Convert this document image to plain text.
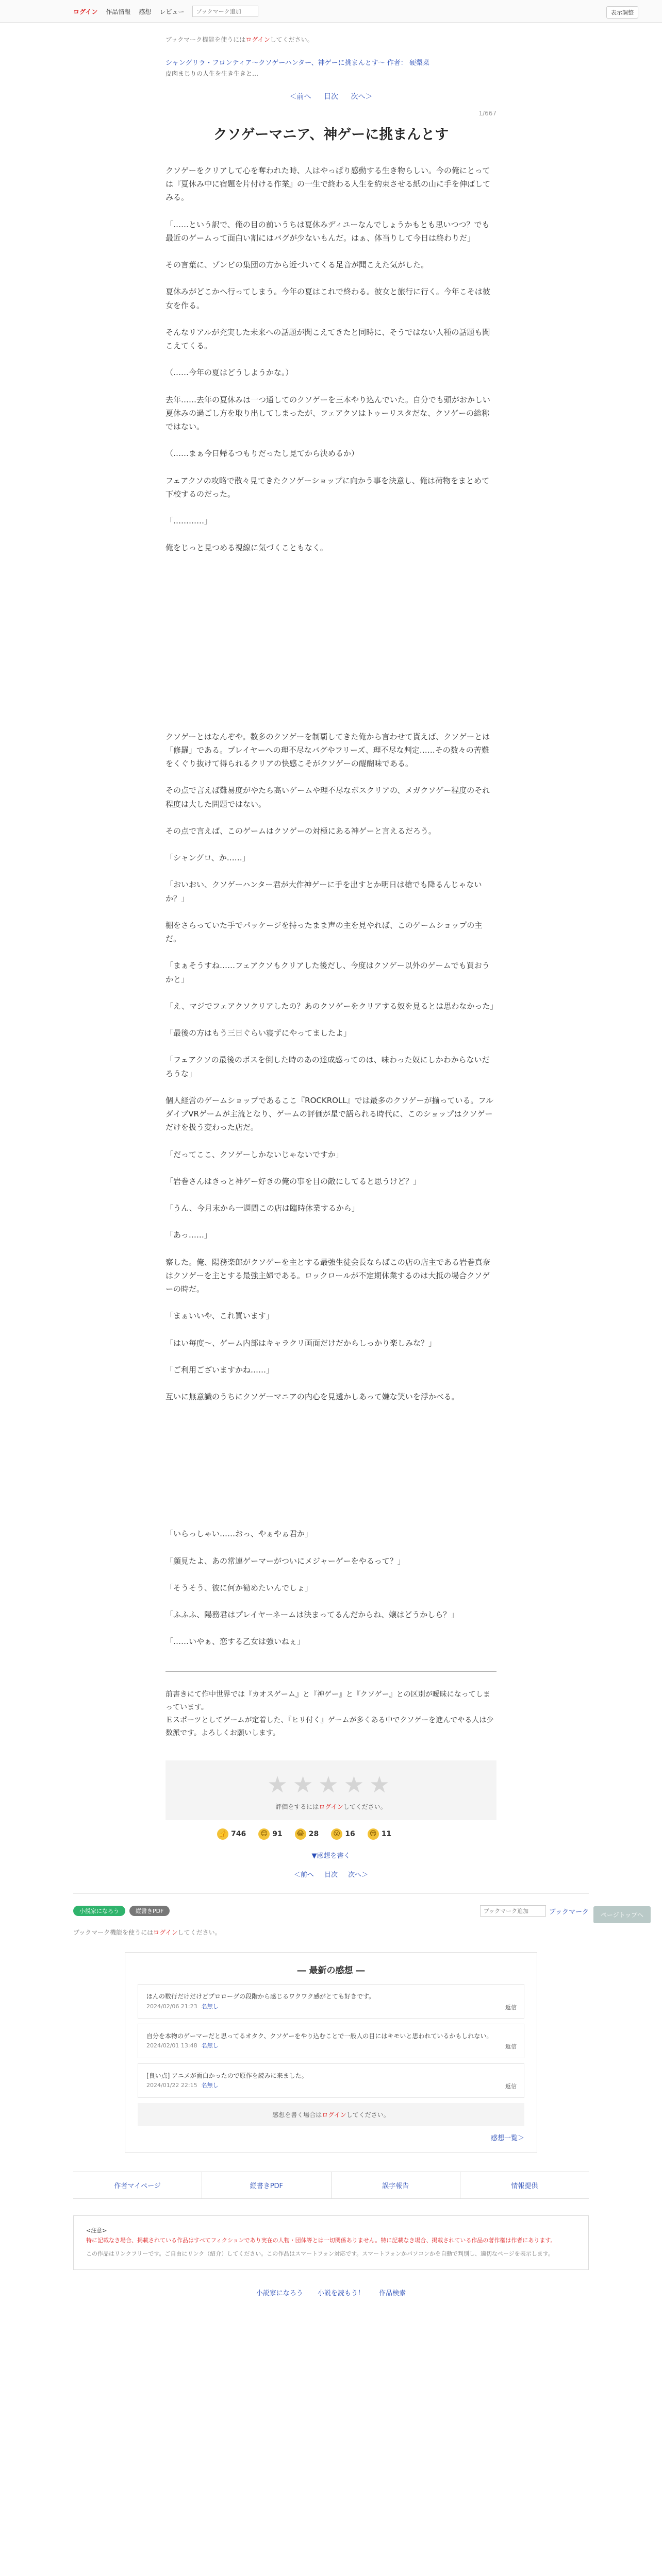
ログイン 作品情報 感想 レビュー
ブックマーク追加	表示調整
ブックマーク機能を使うにはログインしてください。
シャングリラ・フロンティア〜クソゲーハンター、神ゲーに挑まんとす〜 作者： 硬梨菜
皮肉まじりの人生を生き生きと…
＜前へ 目次 次へ＞
1/667
クソゲーマニア、神ゲーに挑まんとす

クソゲーをクリアして心を奪われた時、人はやっぱり感動する生き物らしい。今の俺にとっては『夏休み中に宿題を片付ける作業』の一生で終わる人生を約束させる紙の山に手を伸ばしてみる。

「……という訳で、俺の目の前いうちは夏休みディユーなんでしょうかもとも思いつつ？でも最近のゲームって面白い割にはバグが少ないもんだ。はぁ、体当りして今日は終わりだ」

その言葉に、ゾンビの集団の方から近づいてくる足音が聞こえた気がした。

夏休みがどこかへ行ってしまう。今年の夏はこれで終わる。彼女と旅行に行く。今年こそは彼女を作る。

そんなリアルが充実した未来への話題が聞こえてきたと同時に、そうではない人種の話題も聞こえてくる。

（……今年の夏はどうしようかな。）

去年……去年の夏休みは一つ通してのクソゲーを三本やり込んでいた。自分でも頭がおかしい夏休みの過ごし方を取り出してしまったが、フェアクソはトゥーリスタだな、クソゲーの総称ではない。

（……まぁ今日帰るつもりだったし見てから決めるか）

フェアクソの攻略で散々見てきたクソゲーショップに向かう事を決意し、俺は荷物をまとめて下校するのだった。

「…………」

俺をじっと見つめる視線に気づくこともなく。

クソゲーとはなんぞや。数多のクソゲーを制覇してきた俺から言わせて貰えば、クソゲーとは「修羅」である。プレイヤーへの理不尽なバグやフリーズ、理不尽な判定……その数々の苦難をくぐり抜けて得られるクリアの快感こそがクソゲーの醍醐味である。

その点で言えば難易度がやたら高いゲームや理不尽なボスクリアの、メガクソゲー程度のそれ程度は大した問題ではない。

その点で言えば、このゲームはクソゲーの対極にある神ゲーと言えるだろう。

「シャングロ、か……」

「おいおい、クソゲーハンター君が大作神ゲーに手を出すとか明日は槍でも降るんじゃないか？」

棚をさらっていた手でパッケージを持ったまま声の主を見やれば、このゲームショップの主だ。

「まぁそうすね……フェアクソもクリアした後だし、今度はクソゲー以外のゲームでも買おうかと」

「え、マジでフェアクソクリアしたの？あのクソゲーをクリアする奴を見るとは思わなかった」

「最後の方はもう三日ぐらい寝ずにやってましたよ」

「フェアクソの最後のボスを倒した時のあの達成感ってのは、味わった奴にしかわからないだろうな」

個人経営のゲームショップであるここ『ROCKROLL』では最多のクソゲーが揃っている。フルダイブVRゲームが主流となり、ゲームの評価が星で語られる時代に、このショップはクソゲーだけを扱う変わった店だ。

「だってここ、クソゲーしかないじゃないですか」

「岩巻さんはきっと神ゲー好きの俺の事を目の敵にしてると思うけど？」

「うん、今月末から一週間この店は臨時休業するから」

「あっ……」

察した。俺、陽務楽郎がクソゲーを主とする最強生徒会長ならばこの店の店主である岩巻真奈はクソゲーを主とする最強主婦である。ロックロールが不定期休業するのは大抵の場合クソゲーの時だ。

「まぁいいや、これ買います」

「はい毎度〜、ゲーム内部はキャラクリ画面だけだからしっかり楽しみな？」

「ご利用ございますかね……」

互いに無意識のうちにクソゲーマニアの内心を見透かしあって嫌な笑いを浮かべる。

「いらっしゃい……おっ、やぁやぁ君か」

「顔見たよ、あの常連ゲーマーがついにメジャーゲーをやるって？」

「そうそう、彼に何か勧めたいんでしょ」

「ふふふ、陽務君はプレイヤーネームは決まってるんだからね、嬢はどうかしら？」

「……いやぁ、恋する乙女は強いねぇ」

前書きにて作中世界では『カオスゲーム』と『神ゲー』と『クソゲー』との区別が曖昧になってしまっています。
Ｅスポーツとしてゲームが定着した、『ヒリ付く』ゲームが多くある中でクソゲーを進んでやる人は少数派です。よろしくお願いします。

★★★★★
評価をするにはログインしてください。
👍 746	😊 91 😂 28	😮 16	😢 11
▼感想を書く
＜前へ 目次 次へ＞
ページトップへ
小説家になろう	縦書きPDF
ブックマーク追加	ブックマーク
ブックマーク機能を使うにはログインしてください。
― 最新の感想 ―
ほんの数行だけだけどプロローグの段階から感じるワクワク感がとても好きです。
2024/02/06 21:23 名無し	返信
自分を本物のゲーマーだと思ってるオタク、クソゲーをやり込むことで一般人の目にはキモいと思われているかもしれない。
2024/02/01 13:48 名無し	返信
[良い点] アニメが面白かったので原作を読みに来ました。
2024/01/22 22:15 名無し	返信
感想を書く場合はログインしてください。
感想一覧＞
作者マイページ	縦書きPDF	誤字報告	情報提供
<注意>
特に記載なき場合、掲載されている作品はすべてフィクションであり実在の人物・団体等とは一切関係ありません。特に記載なき場合、掲載されている作品の著作権は作者にあります。
この作品はリンクフリーです。ご自由にリンク（紹介）してください。この作品はスマートフォン対応です。スマートフォンかパソコンかを自動で判別し、適切なページを表示します。
小説家になろう 小説を読もう！ 作品検索
